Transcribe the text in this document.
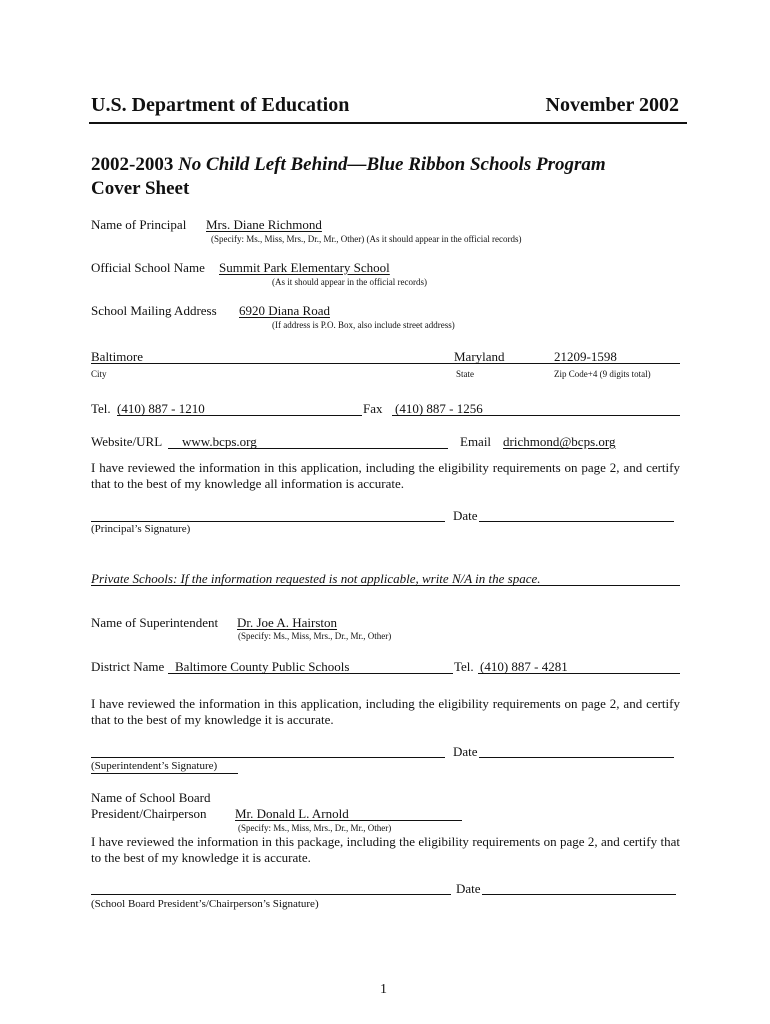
U.S. Department of Education	November 2002
2002-2003 No Child Left Behind—Blue Ribbon Schools Program
Cover Sheet
Name of Principal Mrs. Diane Richmond
(Specify: Ms., Miss, Mrs., Dr., Mr., Other) (As it should appear in the official records)
Official School Name Summit Park Elementary School
(As it should appear in the official records)
School Mailing Address 6920 Diana Road
(If address is P.O. Box, also include street address)
Baltimore	Maryland	21209-1598
City	State	Zip Code+4 (9 digits total)
Tel. (410) 887 - 1210	Fax (410) 887 - 1256
Website/URL www.bcps.org	Email drichmond@bcps.org
I have reviewed the information in this application, including the eligibility requirements on page 2, and certify that to the best of my knowledge all information is accurate.
Date
(Principal’s Signature)
Private Schools: If the information requested is not applicable, write N/A in the space.
Name of Superintendent Dr. Joe A. Hairston
(Specify: Ms., Miss, Mrs., Dr., Mr., Other)
District Name Baltimore County Public Schools	Tel. (410) 887 - 4281
I have reviewed the information in this application, including the eligibility requirements on page 2, and certify that to the best of my knowledge it is accurate.
Date
(Superintendent’s Signature)
Name of School Board
President/Chairperson Mr. Donald L. Arnold
(Specify: Ms., Miss, Mrs., Dr., Mr., Other)
I have reviewed the information in this package, including the eligibility requirements on page 2, and certify that to the best of my knowledge it is accurate.
Date
(School Board President’s/Chairperson’s Signature)
1
